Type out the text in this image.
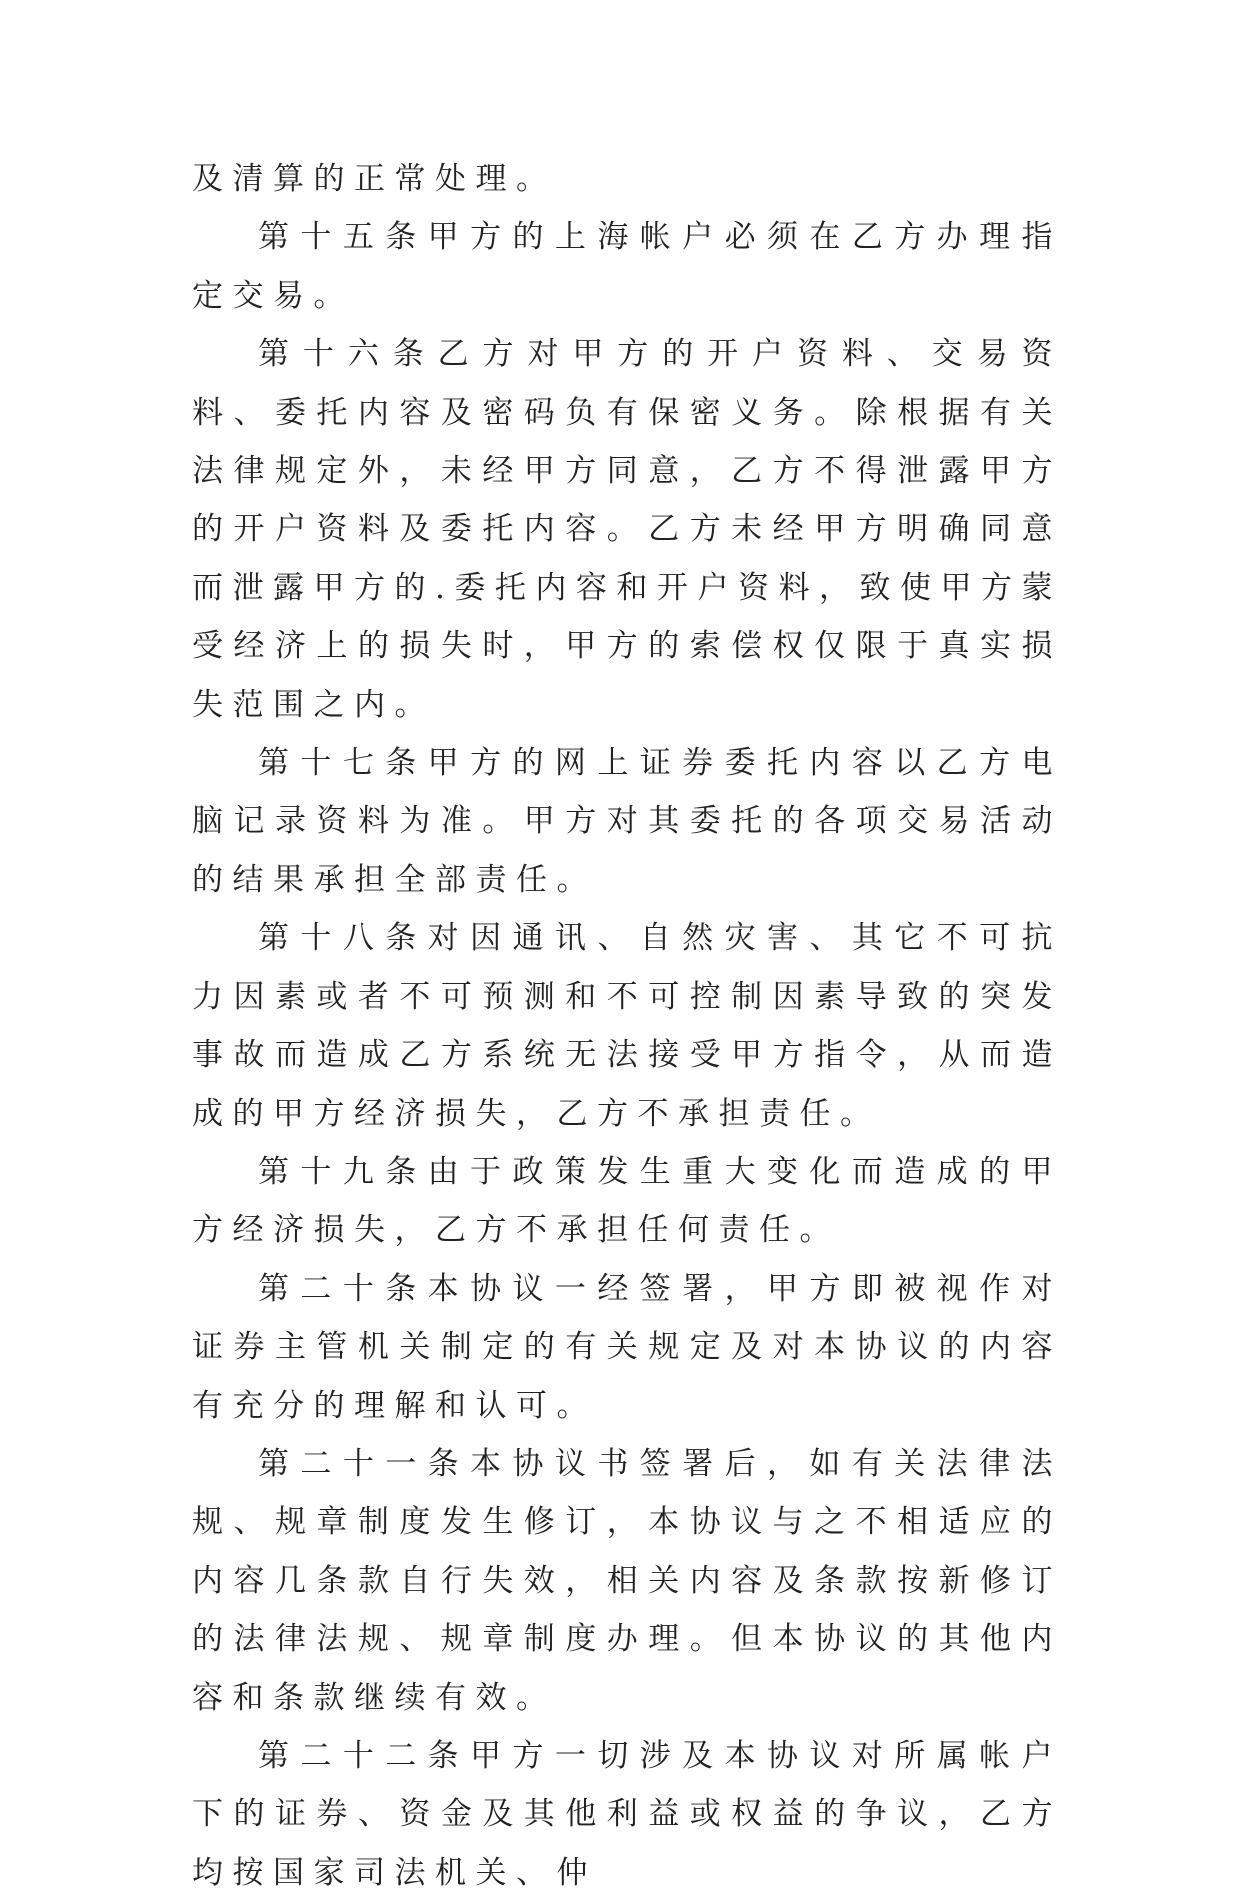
及清算的正常处理。

第十五条甲方的上海帐户必须在乙方办理指定交易。

第十六条乙方对甲方的开户资料、交易资料、委托内容及密码负有保密义务。除根据有关法律规定外，未经甲方同意，乙方不得泄露甲方的开户资料及委托内容。乙方未经甲方明确同意而泄露甲方的.委托内容和开户资料，致使甲方蒙受经济上的损失时，甲方的索偿权仅限于真实损失范围之内。

第十七条甲方的网上证券委托内容以乙方电脑记录资料为准。甲方对其委托的各项交易活动的结果承担全部责任。

第十八条对因通讯、自然灾害、其它不可抗力因素或者不可预测和不可控制因素导致的突发事故而造成乙方系统无法接受甲方指令，从而造成的甲方经济损失，乙方不承担责任。

第十九条由于政策发生重大变化而造成的甲方经济损失，乙方不承担任何责任。

第二十条本协议一经签署，甲方即被视作对证券主管机关制定的有关规定及对本协议的内容有充分的理解和认可。

第二十一条本协议书签署后，如有关法律法规、规章制度发生修订，本协议与之不相适应的内容几条款自行失效，相关内容及条款按新修订的法律法规、规章制度办理。但本协议的其他内容和条款继续有效。

第二十二条甲方一切涉及本协议对所属帐户下的证券、资金及其他利益或权益的争议，乙方均按国家司法机关、仲
